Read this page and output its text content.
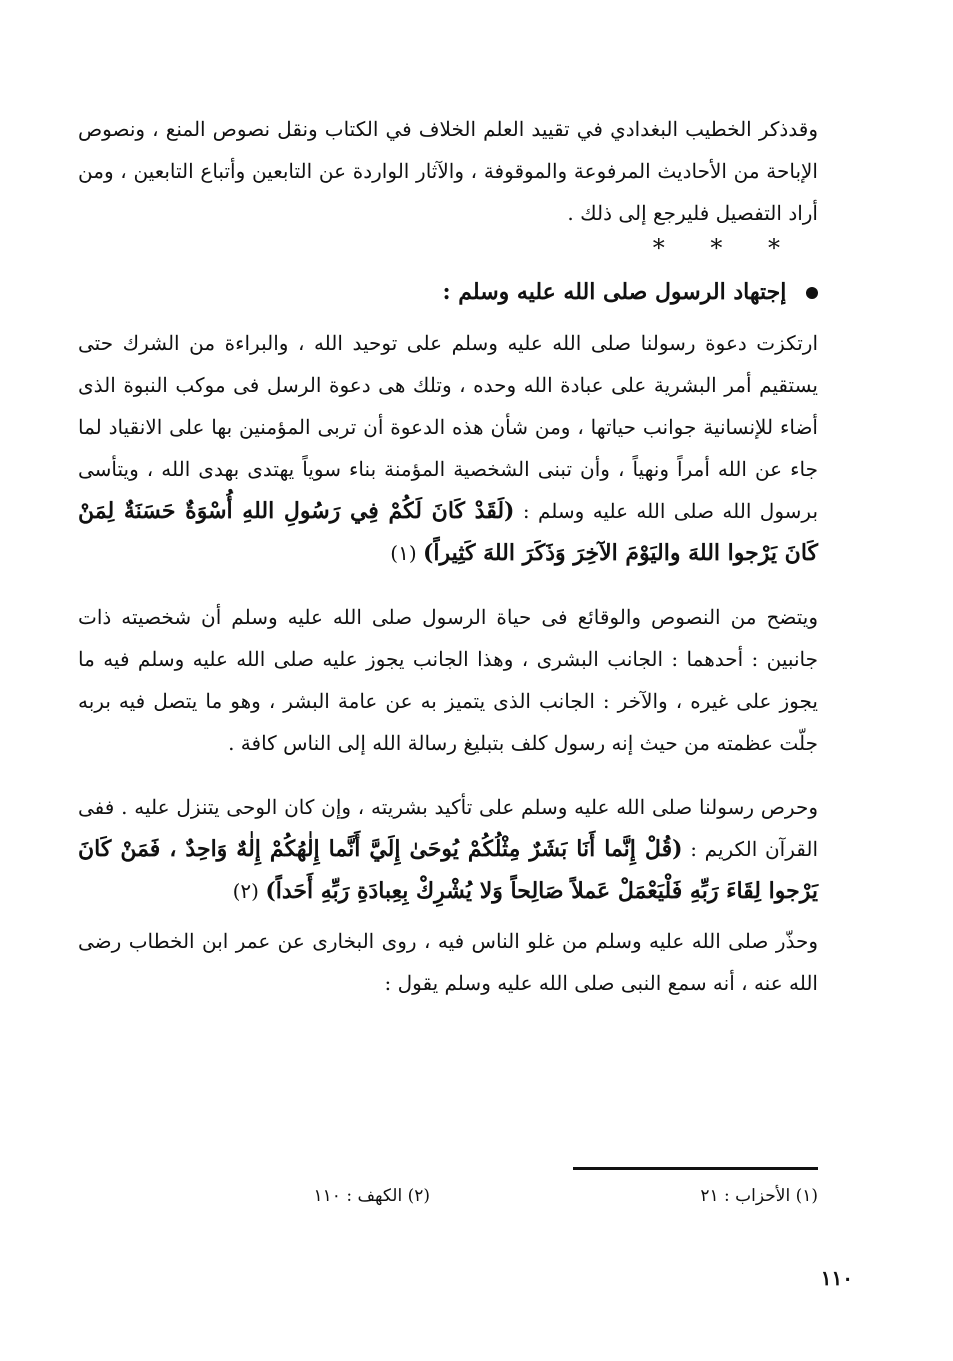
وقدذكر الخطيب البغدادي في تقييد العلم الخلاف في الكتاب ونقل نصوص المنع ، ونصوص الإباحة من الأحاديث المرفوعة والموقوفة ، والآثار الواردة عن التابعين وأتباع التابعين ، ومن أراد التفصيل فليرجع إلى ذلك .

* * *
إجتهاد الرسول صلى الله عليه وسلم :

ارتكزت دعوة رسولنا صلى الله عليه وسلم على توحيد الله ، والبراءة من الشرك حتى يستقيم أمر البشرية على عبادة الله وحده ، وتلك هى دعوة الرسل فى موكب النبوة الذى أضاء للإنسانية جوانب حياتها ، ومن شأن هذه الدعوة أن تربى المؤمنين بها على الانقياد لما جاء عن الله أمراً ونهياً ، وأن تبنى الشخصية المؤمنة بناء سوياً يهتدى بهدى الله ، ويتأسى برسول الله صلى الله عليه وسلم : (لَقَدْ كَانَ لَكُمْ فِي رَسُولِ اللهِ أُسْوَةٌ حَسَنَةٌ لِمَنْ كَانَ يَرْجوا اللهَ واليَوْمَ الآخِرَ وَذَكَرَ اللهَ كَثِيراً) (١)

ويتضح من النصوص والوقائع فى حياة الرسول صلى الله عليه وسلم أن شخصيته ذات جانبين : أحدهما : الجانب البشرى ، وهذا الجانب يجوز عليه صلى الله عليه وسلم فيه ما يجوز على غيره ، والآخر : الجانب الذى يتميز به عن عامة البشر ، وهو ما يتصل فيه بربه جلّت عظمته من حيث إنه رسول كلف بتبليغ رسالة الله إلى الناس كافة .

وحرص رسولنا صلى الله عليه وسلم على تأكيد بشريته ، وإن كان الوحى يتنزل عليه . ففى القرآن الكريم : (قُلْ إِنَّما أَنَا بَشَرٌ مِثْلُكُمْ يُوحَىٰ إِلَيَّ أَنَّما إِلٰهُكُمْ إِلٰهٌ وَاحِدٌ ، فَمَنْ كَانَ يَرْجوا لِقَاءَ رَبِّهِ فَلْيَعْمَلْ عَملاً صَالِحاً وَلا يُشْرِكْ بِعِبادَةِ رَبِّهِ أَحَداً) (٢)

وحذّر صلى الله عليه وسلم من غلو الناس فيه ، روى البخارى عن عمر ابن الخطاب رضى الله عنه ، أنه سمع النبى صلى الله عليه وسلم يقول :

(١) الأحزاب : ٢١
(٢) الكهف : ١١٠
١١٠
